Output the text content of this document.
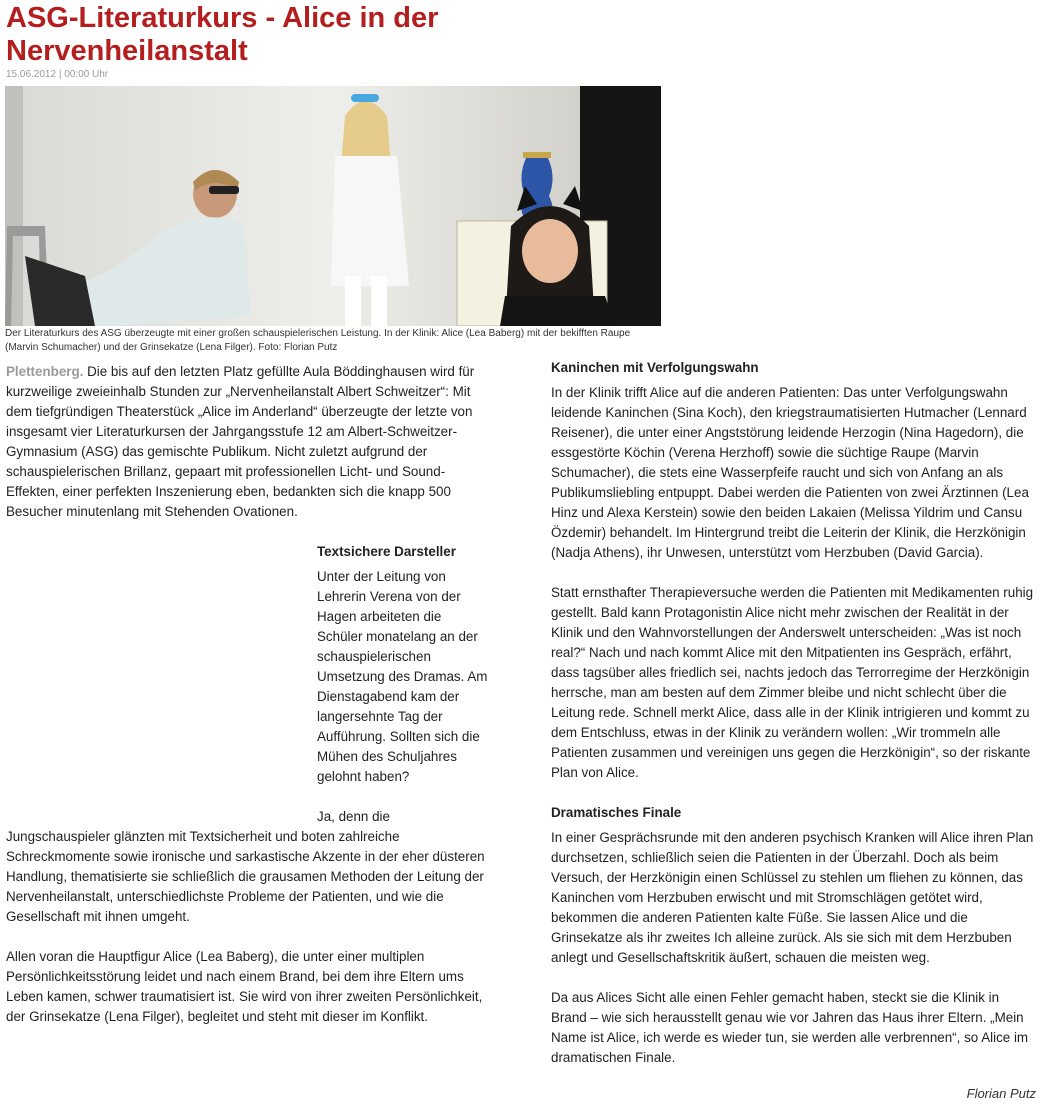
ASG-Literaturkurs - Alice in der Nervenheilanstalt
15.06.2012 | 00:00 Uhr
Der Literaturkurs des ASG überzeugte mit einer großen schauspielerischen Leistung. In der Klinik: Alice (Lea Baberg) mit der bekifften Raupe (Marvin Schumacher) und der Grinsekatze (Lena Filger). Foto: Florian Putz

Plettenberg. Die bis auf den letzten Platz gefüllte Aula Böddinghausen wird für kurzweilige zweieinhalb Stunden zur „Nervenheilanstalt Albert Schweitzer“: Mit dem tiefgründigen Theaterstück „Alice im Anderland“ überzeugte der letzte von insgesamt vier Literaturkursen der Jahrgangsstufe 12 am Albert-Schweitzer-Gymnasium (ASG) das gemischte Publikum. Nicht zuletzt aufgrund der schauspielerischen Brillanz, gepaart mit professionellen Licht- und Sound-Effekten, einer perfekten Inszenierung eben, bedankten sich die knapp 500 Besucher minutenlang mit Stehenden Ovationen.

Textsichere Darsteller

Unter der Leitung von Lehrerin Verena von der Hagen arbeiteten die Schüler monatelang an der schauspielerischen Umsetzung des Dramas. Am Dienstagabend kam der langersehnte Tag der Aufführung. Sollten sich die Mühen des Schuljahres gelohnt haben?

Ja, denn die

Jungschauspieler glänzten mit Textsicherheit und boten zahlreiche Schreckmomente sowie ironische und sarkastische Akzente in der eher düsteren Handlung, thematisierte sie schließlich die grausamen Methoden der Leitung der Nervenheilanstalt, unterschiedlichste Probleme der Patienten, und wie die Gesellschaft mit ihnen umgeht.

Allen voran die Hauptfigur Alice (Lea Baberg), die unter einer multiplen Persönlichkeitsstörung leidet und nach einem Brand, bei dem ihre Eltern ums Leben kamen, schwer traumatisiert ist. Sie wird von ihrer zweiten Persönlichkeit, der Grinsekatze (Lena Filger), begleitet und steht mit dieser im Konflikt.

Kaninchen mit Verfolgungswahn

In der Klinik trifft Alice auf die anderen Patienten: Das unter Verfolgungswahn leidende Kaninchen (Sina Koch), den kriegstraumatisierten Hutmacher (Lennard Reisener), die unter einer Angststörung leidende Herzogin (Nina Hagedorn), die essgestörte Köchin (Verena Herzhoff) sowie die süchtige Raupe (Marvin Schumacher), die stets eine Wasserpfeife raucht und sich von Anfang an als Publikumsliebling entpuppt. Dabei werden die Patienten von zwei Ärztinnen (Lea Hinz und Alexa Kerstein) sowie den beiden Lakaien (Melissa Yildrim und Cansu Özdemir) behandelt. Im Hintergrund treibt die Leiterin der Klinik, die Herzkönigin (Nadja Athens), ihr Unwesen, unterstützt vom Herzbuben (David Garcia).

Statt ernsthafter Therapieversuche werden die Patienten mit Medikamenten ruhig gestellt. Bald kann Protagonistin Alice nicht mehr zwischen der Realität in der Klinik und den Wahnvorstellungen der Anderswelt unterscheiden: „Was ist noch real?“ Nach und nach kommt Alice mit den Mitpatienten ins Gespräch, erfährt, dass tagsüber alles friedlich sei, nachts jedoch das Terrorregime der Herzkönigin herrsche, man am besten auf dem Zimmer bleibe und nicht schlecht über die Leitung rede. Schnell merkt Alice, dass alle in der Klinik intrigieren und kommt zu dem Entschluss, etwas in der Klinik zu verändern wollen: „Wir trommeln alle Patienten zusammen und vereinigen uns gegen die Herzkönigin“, so der riskante Plan von Alice.

Dramatisches Finale

In einer Gesprächsrunde mit den anderen psychisch Kranken will Alice ihren Plan durchsetzen, schließlich seien die Patienten in der Überzahl. Doch als beim Versuch, der Herzkönigin einen Schlüssel zu stehlen um fliehen zu können, das Kaninchen vom Herzbuben erwischt und mit Stromschlägen getötet wird, bekommen die anderen Patienten kalte Füße. Sie lassen Alice und die Grinsekatze als ihr zweites Ich alleine zurück. Als sie sich mit dem Herzbuben anlegt und Gesellschaftskritik äußert, schauen die meisten weg.

Da aus Alices Sicht alle einen Fehler gemacht haben, steckt sie die Klinik in Brand – wie sich herausstellt genau wie vor Jahren das Haus ihrer Eltern. „Mein Name ist Alice, ich werde es wieder tun, sie werden alle verbrennen“, so Alice im dramatischen Finale.

Florian Putz
